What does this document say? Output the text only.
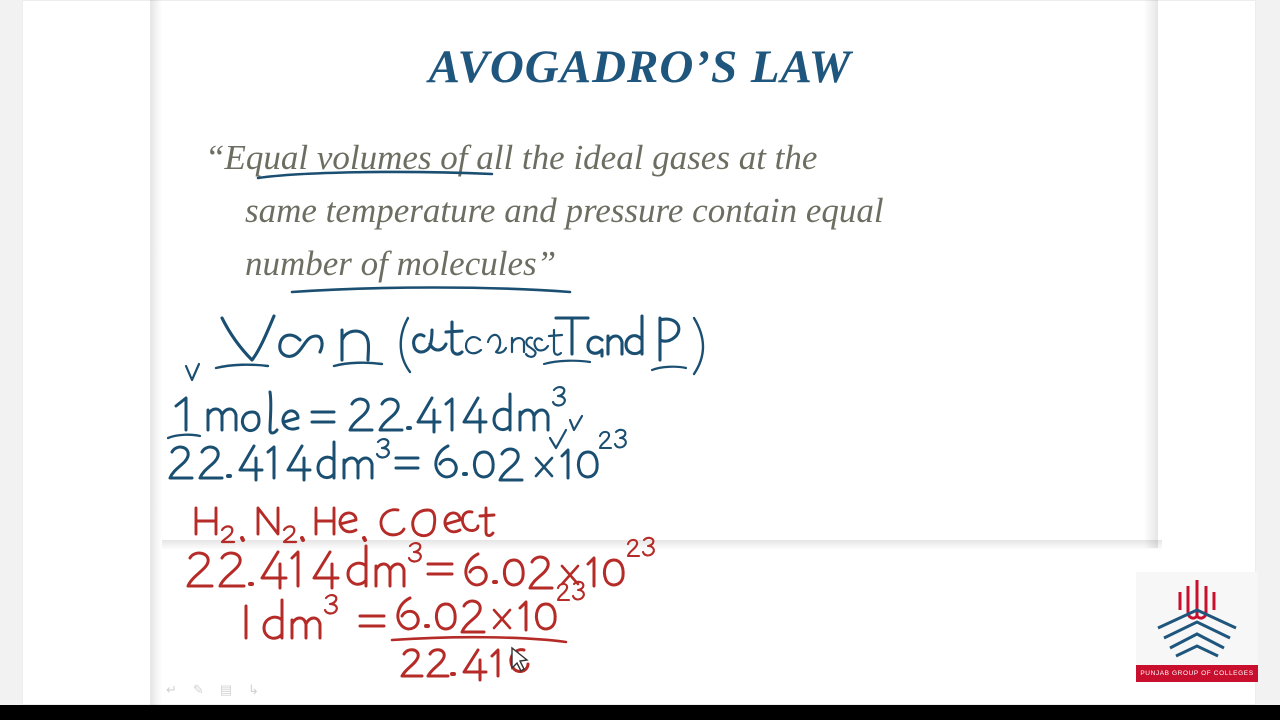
AVOGADRO’S LAW
“Equal volumes of all the ideal gases at the
same temperature and pressure contain equal
number of molecules”
↵ ✎ ▤ ↳
PUNJAB GROUP OF COLLEGES
